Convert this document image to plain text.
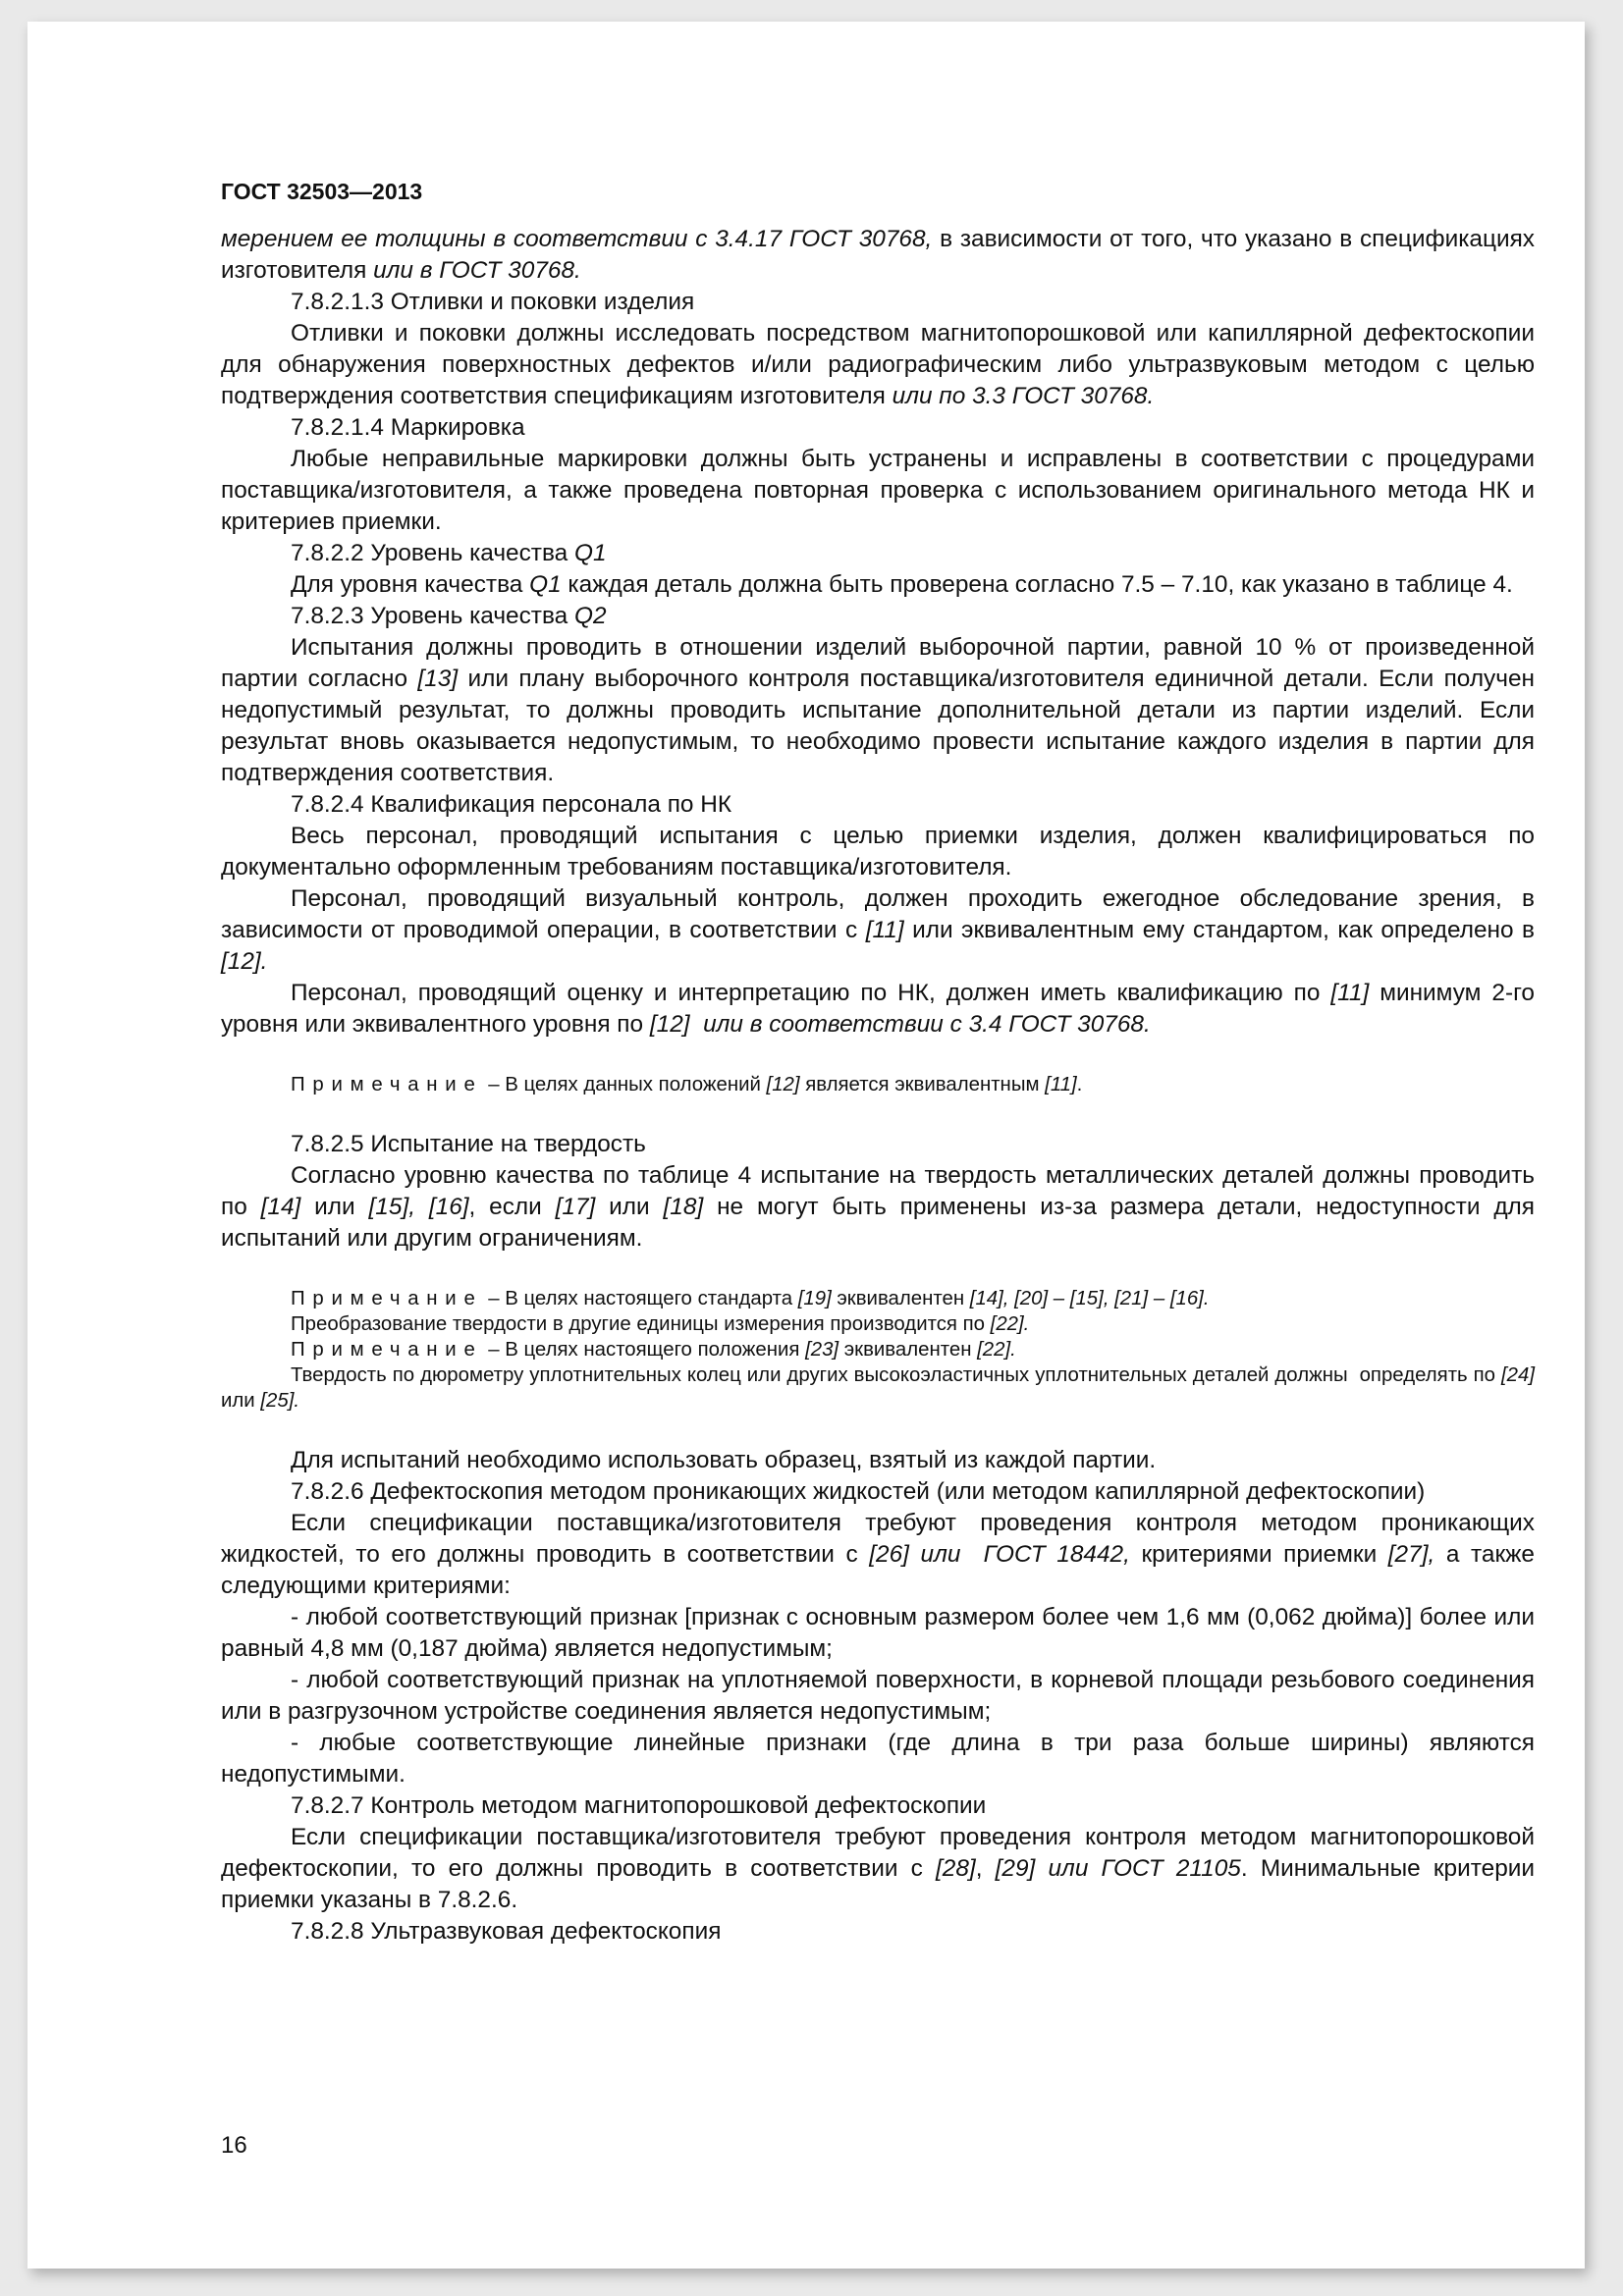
ГОСТ 32503—2013

мерением ее толщины в соответствии с 3.4.17 ГОСТ 30768, в зависимости от того, что указано в спецификациях изготовителя или в ГОСТ 30768.

7.8.2.1.3 Отливки и поковки изделия

Отливки и поковки должны исследовать посредством магнитопорошковой или капиллярной дефектоскопии для обнаружения поверхностных дефектов и/или радиографическим либо ультразвуковым методом с целью подтверждения соответствия спецификациям изготовителя или по 3.3 ГОСТ 30768.

7.8.2.1.4 Маркировка

Любые неправильные маркировки должны быть устранены и исправлены в соответствии с процедурами поставщика/изготовителя, а также проведена повторная проверка с использованием оригинального метода НК и критериев приемки.

7.8.2.2 Уровень качества Q1

Для уровня качества Q1 каждая деталь должна быть проверена согласно 7.5 – 7.10, как указано в таблице 4.

7.8.2.3 Уровень качества Q2

Испытания должны проводить в отношении изделий выборочной партии, равной 10 % от произведенной партии согласно [13] или плану выборочного контроля поставщика/изготовителя единичной детали. Если получен недопустимый результат, то должны проводить испытание дополнительной детали из партии изделий. Если результат вновь оказывается недопустимым, то необходимо провести испытание каждого изделия в партии для подтверждения соответствия.

7.8.2.4 Квалификация персонала по НК

Весь персонал, проводящий испытания с целью приемки изделия, должен квалифицироваться по документально оформленным требованиям поставщика/изготовителя.

Персонал, проводящий визуальный контроль, должен проходить ежегодное обследование зрения, в зависимости от проводимой операции, в соответствии с [11] или эквивалентным ему стандартом, как определено в [12].

Персонал, проводящий оценку и интерпретацию по НК, должен иметь квалификацию по [11] минимум 2-го уровня или эквивалентного уровня по [12] или в соответствии с 3.4 ГОСТ 30768.

Примечание – В целях данных положений [12] является эквивалентным [11].

7.8.2.5 Испытание на твердость

Согласно уровню качества по таблице 4 испытание на твердость металлических деталей должны проводить по [14] или [15], [16], если [17] или [18] не могут быть применены из-за размера детали, недоступности для испытаний или другим ограничениям.

Примечание – В целях настоящего стандарта [19] эквивалентен [14], [20] – [15], [21] – [16].

Преобразование твердости в другие единицы измерения производится по [22].

Примечание – В целях настоящего положения [23] эквивалентен [22].

Твердость по дюрометру уплотнительных колец или других высокоэластичных уплотнительных деталей должны  определять по [24] или [25].

Для испытаний необходимо использовать образец, взятый из каждой партии.

7.8.2.6 Дефектоскопия методом проникающих жидкостей (или методом капиллярной дефектоскопии)

Если спецификации поставщика/изготовителя требуют проведения контроля методом проникающих жидкостей, то его должны проводить в соответствии с [26] или  ГОСТ 18442, критериями приемки [27], а также следующими критериями:

- любой соответствующий признак [признак с основным размером более чем 1,6 мм (0,062 дюйма)] более или равный 4,8 мм (0,187 дюйма) является недопустимым;

- любой соответствующий признак на уплотняемой поверхности, в корневой площади резьбового соединения или в разгрузочном устройстве соединения является недопустимым;

- любые соответствующие линейные признаки (где длина в три раза больше ширины) являются недопустимыми.

7.8.2.7 Контроль методом магнитопорошковой дефектоскопии

Если спецификации поставщика/изготовителя требуют проведения контроля методом магнитопорошковой дефектоскопии, то его должны проводить в соответствии с [28], [29] или ГОСТ 21105. Минимальные критерии приемки указаны в 7.8.2.6.

7.8.2.8 Ультразвуковая дефектоскопия

16
